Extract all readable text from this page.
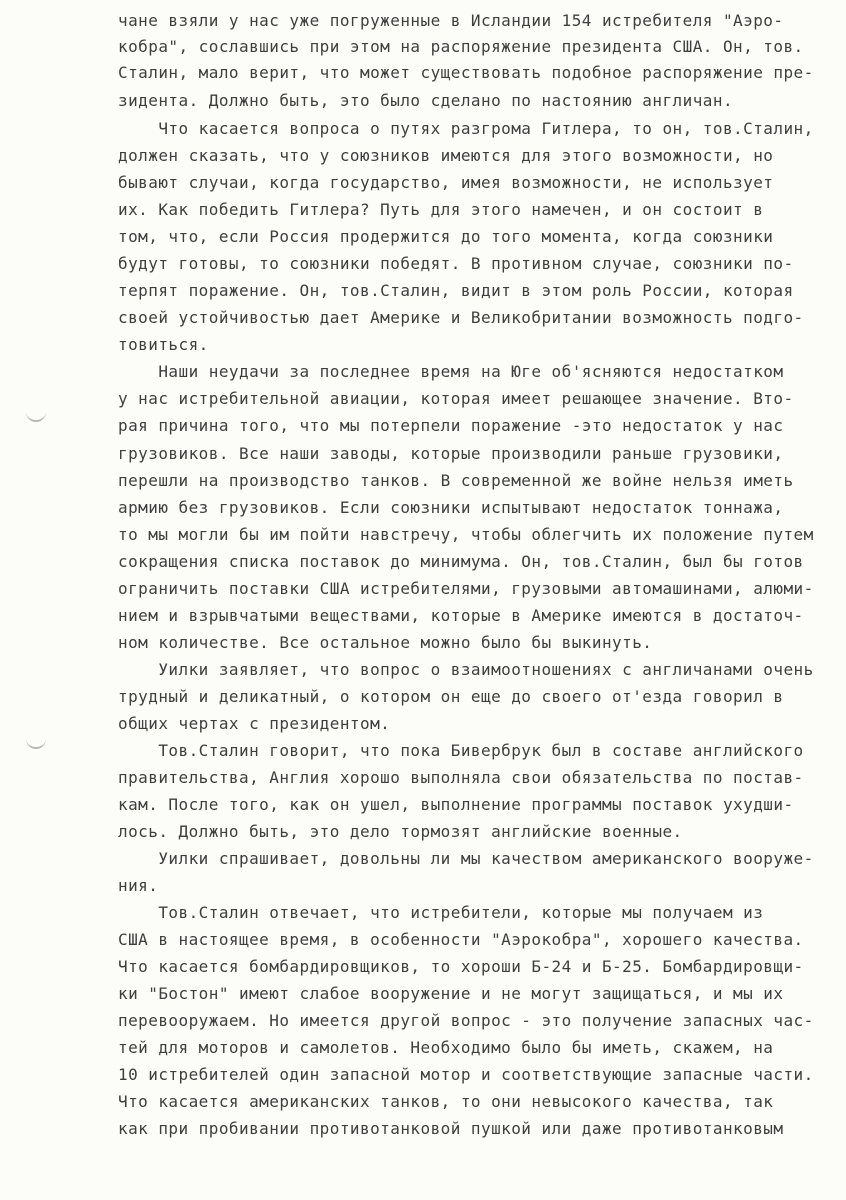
чане взяли у нас уже погруженные в Исландии 154 истребителя "Аэро-
кобра", сославшись при этом на распоряжение президента США. Он, тов.
Сталин, мало верит, что может существовать подобное распоряжение пре-
зидента. Должно быть, это было сделано по настоянию англичан.
Что касается вопроса о путях разгрома Гитлера, то он, тов.Сталин,
должен сказать, что у союзников имеются для этого возможности, но
бывают случаи, когда государство, имея возможности, не использует
их. Как победить Гитлера? Путь для этого намечен, и он состоит в
том, что, если Россия продержится до того момента, когда союзники
будут готовы, то союзники победят. В противном случае, союзники по-
терпят поражение. Он, тов.Сталин, видит в этом роль России, которая
своей устойчивостью дает Америке и Великобритании возможность подго-
товиться.
Наши неудачи за последнее время на Юге об'ясняются недостатком
у нас истребительной авиации, которая имеет решающее значение. Вто-
рая причина того, что мы потерпели поражение -это недостаток у нас
грузовиков. Все наши заводы, которые производили раньше грузовики,
перешли на производство танков. В современной же войне нельзя иметь
армию без грузовиков. Если союзники испытывают недостаток тоннажа,
то мы могли бы им пойти навстречу, чтобы облегчить их положение путем
сокращения списка поставок до минимума. Он, тов.Сталин, был бы готов
ограничить поставки США истребителями, грузовыми автомашинами, алюми-
нием и взрывчатыми веществами, которые в Америке имеются в достаточ-
ном количестве. Все остальное можно было бы выкинуть.
Уилки заявляет, что вопрос о взаимоотношениях с англичанами очень
трудный и деликатный, о котором он еще до своего от'езда говорил в
общих чертах с президентом.
Тов.Сталин говорит, что пока Бивербрук был в составе английского
правительства, Англия хорошо выполняла свои обязательства по постав-
кам. После того, как он ушел, выполнение программы поставок ухудши-
лось. Должно быть, это дело тормозят английские военные.
Уилки спрашивает, довольны ли мы качеством американского вооруже-
ния.
Тов.Сталин отвечает, что истребители, которые мы получаем из
США в настоящее время, в особенности "Аэрокобра", хорошего качества.
Что касается бомбардировщиков, то хороши Б-24 и Б-25. Бомбардировщи-
ки "Бостон" имеют слабое вооружение и не могут защищаться, и мы их
перевооружаем. Но имеется другой вопрос - это получение запасных час-
тей для моторов и самолетов. Необходимо было бы иметь, скажем, на
10 истребителей один запасной мотор и соответствующие запасные части.
Что касается американских танков, то они невысокого качества, так
как при пробивании противотанковой пушкой или даже противотанковым
